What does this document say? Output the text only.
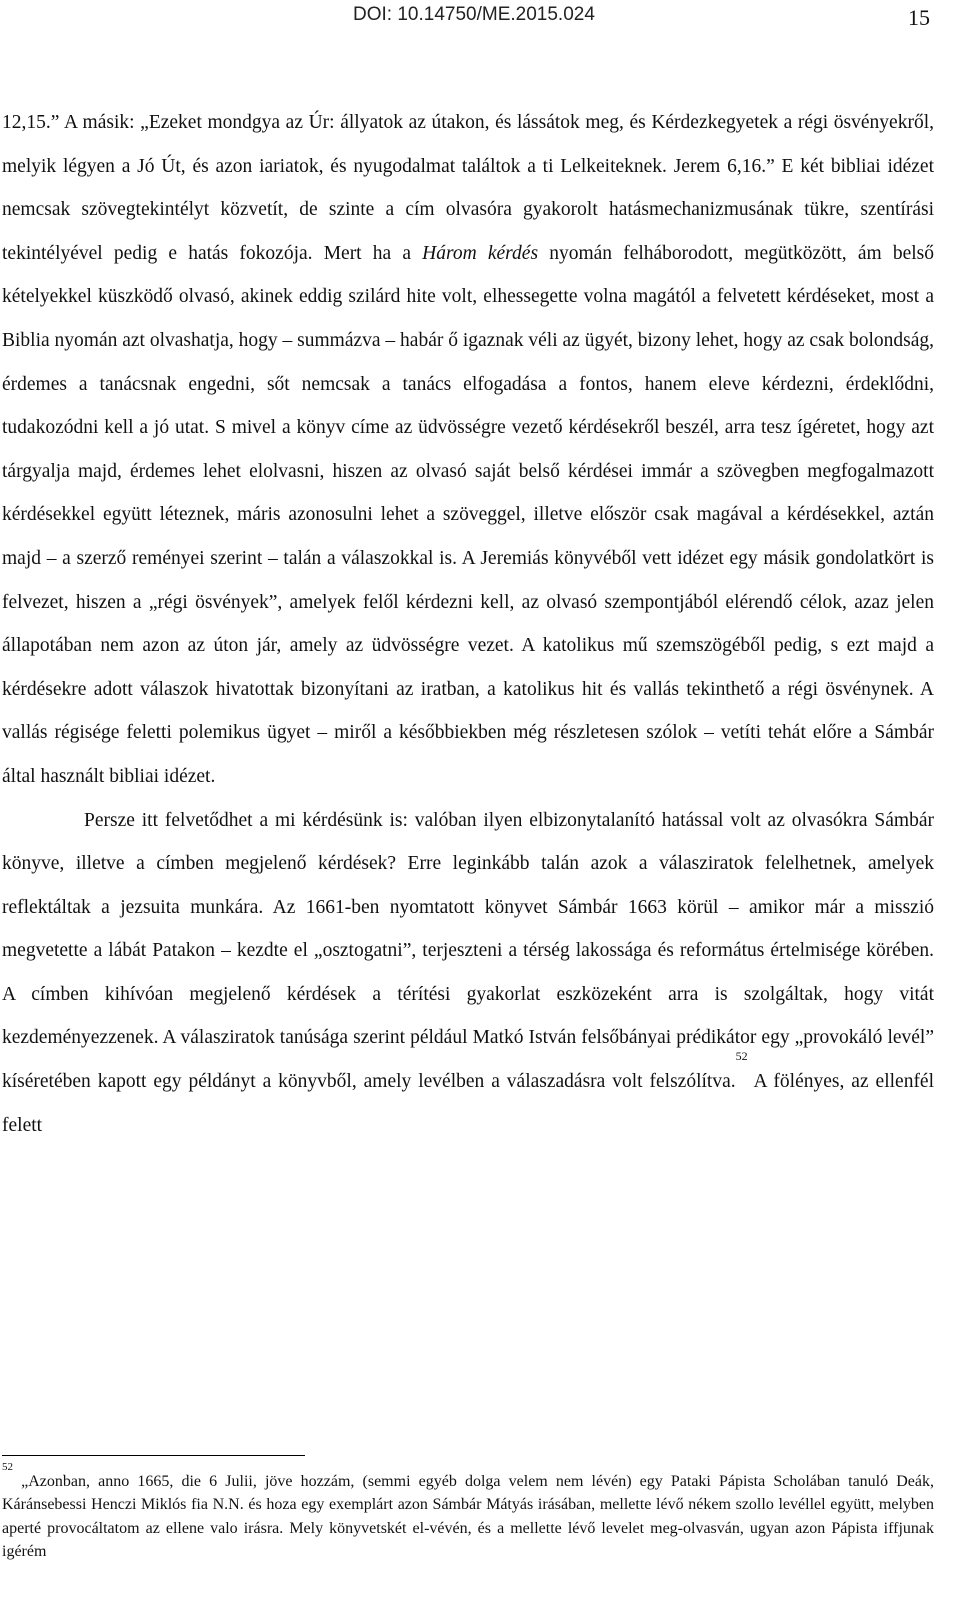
DOI: 10.14750/ME.2015.024	15

12,15.” A másik: „Ezeket mondgya az Úr: állyatok az útakon, és lássátok meg, és Kérdezkegyetek a régi ösvényekről, melyik légyen a Jó Út, és azon iariatok, és nyugodalmat találtok a ti Lelkeiteknek. Jerem 6,16.” E két bibliai idézet nemcsak szövegtekintélyt közvetít, de szinte a cím olvasóra gyakorolt hatásmechanizmusának tükre, szentírási tekintélyével pedig e hatás fokozója. Mert ha a Három kérdés nyomán felháborodott, megütközött, ám belső kételyekkel küszködő olvasó, akinek eddig szilárd hite volt, elhessegette volna magától a felvetett kérdéseket, most a Biblia nyomán azt olvashatja, hogy – summázva – habár ő igaznak véli az ügyét, bizony lehet, hogy az csak bolondság, érdemes a tanácsnak engedni, sőt nemcsak a tanács elfogadása a fontos, hanem eleve kérdezni, érdeklődni, tudakozódni kell a jó utat. S mivel a könyv címe az üdvösségre vezető kérdésekről beszél, arra tesz ígéretet, hogy azt tárgyalja majd, érdemes lehet elolvasni, hiszen az olvasó saját belső kérdései immár a szövegben megfogalmazott kérdésekkel együtt léteznek, máris azonosulni lehet a szöveggel, illetve először csak magával a kérdésekkel, aztán majd – a szerző reményei szerint – talán a válaszokkal is. A Jeremiás könyvéből vett idézet egy másik gondolatkört is felvezet, hiszen a „régi ösvények”, amelyek felől kérdezni kell, az olvasó szempontjából elérendő célok, azaz jelen állapotában nem azon az úton jár, amely az üdvösségre vezet. A katolikus mű szemszögéből pedig, s ezt majd a kérdésekre adott válaszok hivatottak bizonyítani az iratban, a katolikus hit és vallás tekinthető a régi ösvénynek. A vallás régisége feletti polemikus ügyet – miről a későbbiekben még részletesen szólok – vetíti tehát előre a Sámbár által használt bibliai idézet.

Persze itt felvetődhet a mi kérdésünk is: valóban ilyen elbizonytalanító hatással volt az olvasókra Sámbár könyve, illetve a címben megjelenő kérdések? Erre leginkább talán azok a válasziratok felelhetnek, amelyek reflektáltak a jezsuita munkára. Az 1661-ben nyomtatott könyvet Sámbár 1663 körül – amikor már a misszió megvetette a lábát Patakon – kezdte el „osztogatni”, terjeszteni a térség lakossága és református értelmisége körében. A címben kihívóan megjelenő kérdések a térítési gyakorlat eszközeként arra is szolgáltak, hogy vitát kezdeményezzenek. A válasziratok tanúsága szerint például Matkó István felsőbányai prédikátor egy „provokáló levél” kíséretében kapott egy példányt a könyvből, amely levélben a válaszadásra volt felszólítva.$^{52}$ A fölényes, az ellenfél felett

$^{52}$ „Azonban, anno 1665, die 6 Julii, jöve hozzám, (semmi egyéb dolga velem nem lévén) egy Pataki Pápista Scholában tanuló Deák, Káránsebessi Henczi Miklós fia N.N. és hoza egy exemplárt azon Sámbár Mátyás irásában, mellette lévő nékem szollo levéllel együtt, melyben aperté provocáltatom az ellene valo irásra. Mely könyvetskét el-vévén, és a mellette lévő levelet meg-olvasván, ugyan azon Pápista iffjunak igérém
